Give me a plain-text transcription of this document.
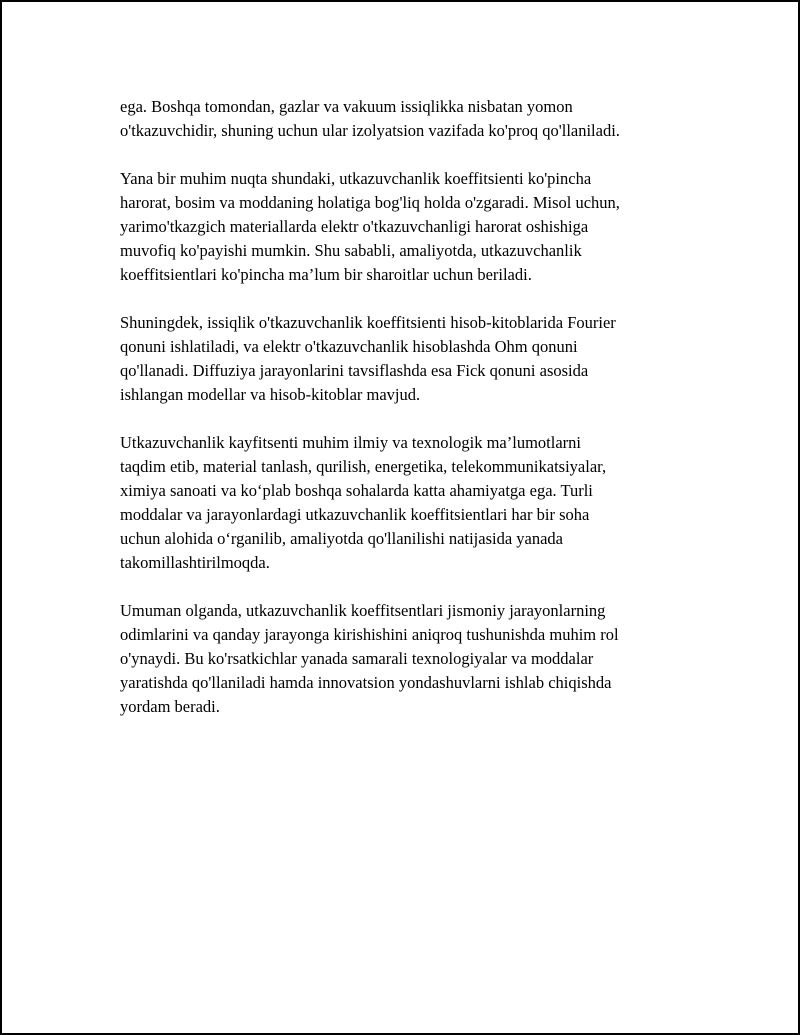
ega. Boshqa tomondan, gazlar va vakuum issiqlikka nisbatan yomon
o'tkazuvchidir, shuning uchun ular izolyatsion vazifada ko'proq qo'llaniladi.

Yana bir muhim nuqta shundaki, utkazuvchanlik koeffitsienti ko'pincha
harorat, bosim va moddaning holatiga bog'liq holda o'zgaradi. Misol uchun,
yarimo'tkazgich materiallarda elektr o'tkazuvchanligi harorat oshishiga
muvofiq ko'payishi mumkin. Shu sababli, amaliyotda, utkazuvchanlik
koeffitsientlari ko'pincha ma’lum bir sharoitlar uchun beriladi.

Shuningdek, issiqlik o'tkazuvchanlik koeffitsienti hisob-kitoblarida Fourier
qonuni ishlatiladi, va elektr o'tkazuvchanlik hisoblashda Ohm qonuni
qo'llanadi. Diffuziya jarayonlarini tavsiflashda esa Fick qonuni asosida
ishlangan modellar va hisob-kitoblar mavjud.

Utkazuvchanlik kayfitsenti muhim ilmiy va texnologik ma’lumotlarni
taqdim etib, material tanlash, qurilish, energetika, telekommunikatsiyalar,
ximiya sanoati va ko‘plab boshqa sohalarda katta ahamiyatga ega. Turli
moddalar va jarayonlardagi utkazuvchanlik koeffitsientlari har bir soha
uchun alohida o‘rganilib, amaliyotda qo'llanilishi natijasida yanada
takomillashtirilmoqda.

Umuman olganda, utkazuvchanlik koeffitsentlari jismoniy jarayonlarning
odimlarini va qanday jarayonga kirishishini aniqroq tushunishda muhim rol
o'ynaydi. Bu ko'rsatkichlar yanada samarali texnologiyalar va moddalar
yaratishda qo'llaniladi hamda innovatsion yondashuvlarni ishlab chiqishda
yordam beradi.
